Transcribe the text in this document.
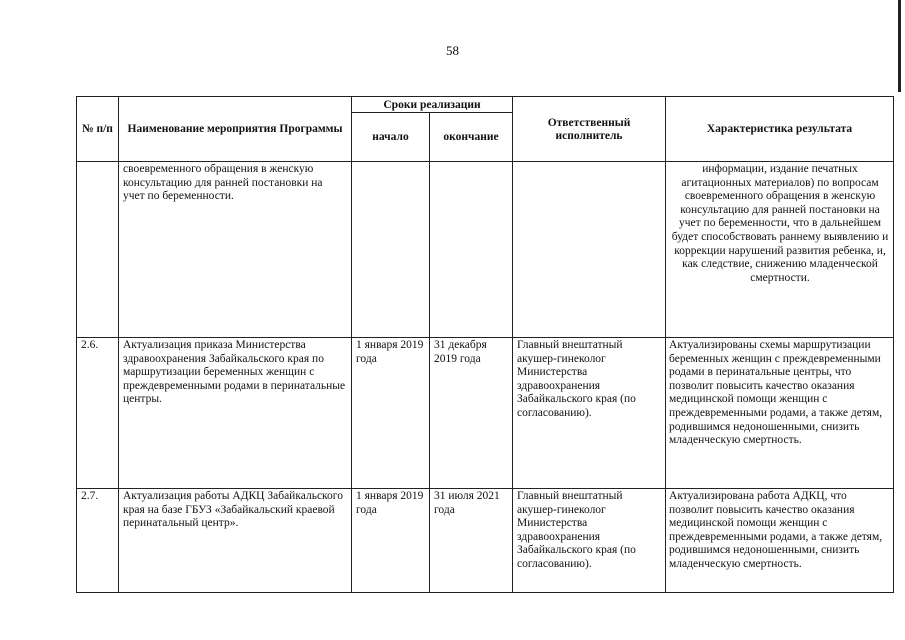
58
№ п/п	Наименование мероприятия Программы	Сроки реализации		Ответственный исполнитель	Характеристика результата
		начало	окончание		
	своевременного обращения в женскую консультацию для ранней постановки на учет по беременности.				информации, издание печатных агитационных материалов) по вопросам своевременного обращения в женскую консультацию для ранней постановки на учет по беременности, что в дальнейшем будет способствовать раннему выявлению и коррекции нарушений развития ребенка, и, как следствие, снижению младенческой смертности.
2.6.	Актуализация приказа Министерства здравоохранения Забайкальского края по маршрутизации беременных женщин с преждевременными родами в перинатальные центры.	1 января 2019 года	31 декабря 2019 года	Главный внештатный акушер-гинеколог Министерства здравоохранения Забайкальского края (по согласованию).	Актуализированы схемы маршрутизации беременных женщин с преждевременными родами в перинатальные центры, что позволит повысить качество оказания медицинской помощи женщин с преждевременными родами, а также детям, родившимся недоношенными, снизить младенческую смертность.
2.7.	Актуализация работы АДКЦ Забайкальского края на базе ГБУЗ «Забайкальский краевой перинатальный центр».	1 января 2019 года	31 июля 2021 года	Главный внештатный акушер-гинеколог Министерства здравоохранения Забайкальского края (по согласованию).	Актуализирована работа АДКЦ, что позволит повысить качество оказания медицинской помощи женщин с преждевременными родами, а также детям, родившимся недоношенными, снизить младенческую смертность.
